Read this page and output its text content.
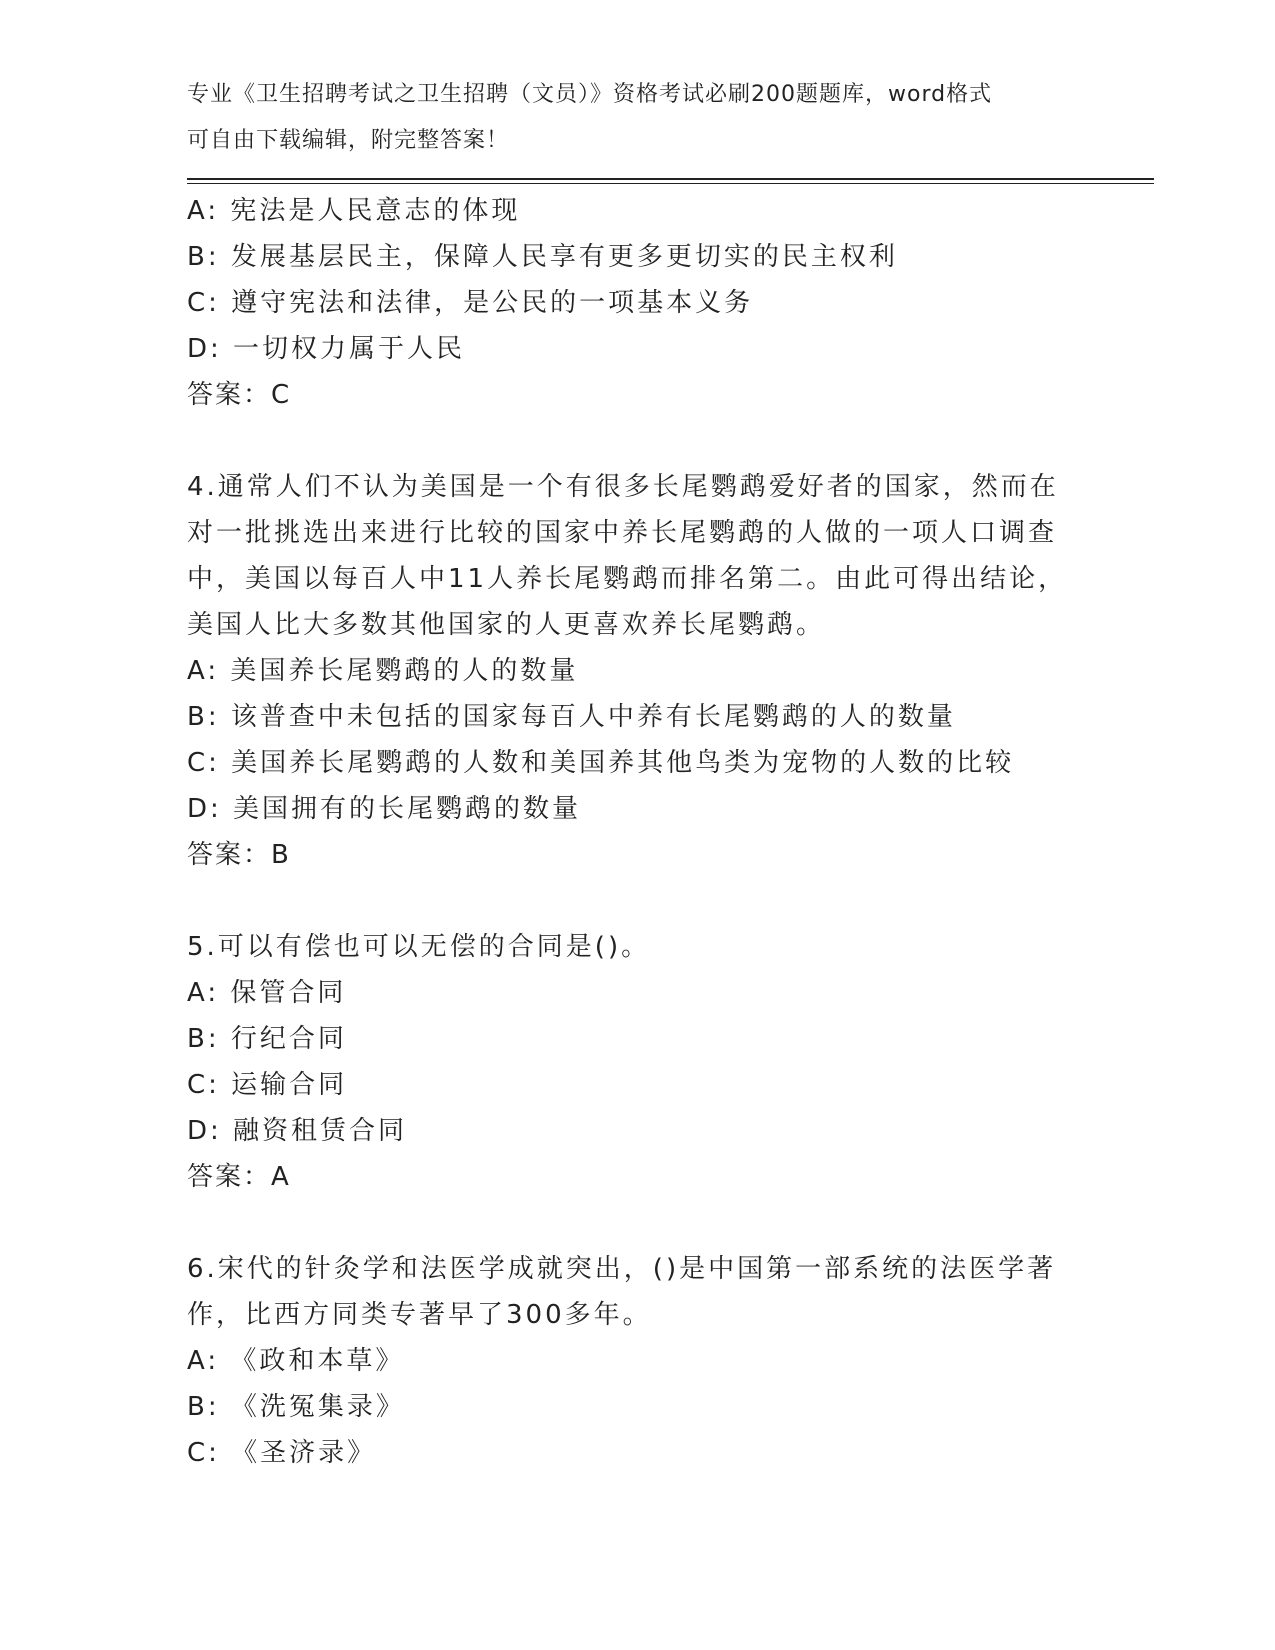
专业《卫生招聘考试之卫生招聘（文员）》资格考试必刷200题题库，word格式
可自由下载编辑，附完整答案！
A: 宪法是人民意志的体现
B: 发展基层民主，保障人民享有更多更切实的民主权利
C: 遵守宪法和法律，是公民的一项基本义务
D: 一切权力属于人民
答案：C
4.通常人们不认为美国是一个有很多长尾鹦鹉爱好者的国家，然而在
对一批挑选出来进行比较的国家中养长尾鹦鹉的人做的一项人口调查
中，美国以每百人中11人养长尾鹦鹉而排名第二。由此可得出结论，
美国人比大多数其他国家的人更喜欢养长尾鹦鹉。
A: 美国养长尾鹦鹉的人的数量
B: 该普查中未包括的国家每百人中养有长尾鹦鹉的人的数量
C: 美国养长尾鹦鹉的人数和美国养其他鸟类为宠物的人数的比较
D: 美国拥有的长尾鹦鹉的数量
答案：B
5.可以有偿也可以无偿的合同是()。
A: 保管合同
B: 行纪合同
C: 运输合同
D: 融资租赁合同
答案：A
6.宋代的针灸学和法医学成就突出，()是中国第一部系统的法医学著
作，比西方同类专著早了300多年。
A: 《政和本草》
B: 《洗冤集录》
C: 《圣济录》
